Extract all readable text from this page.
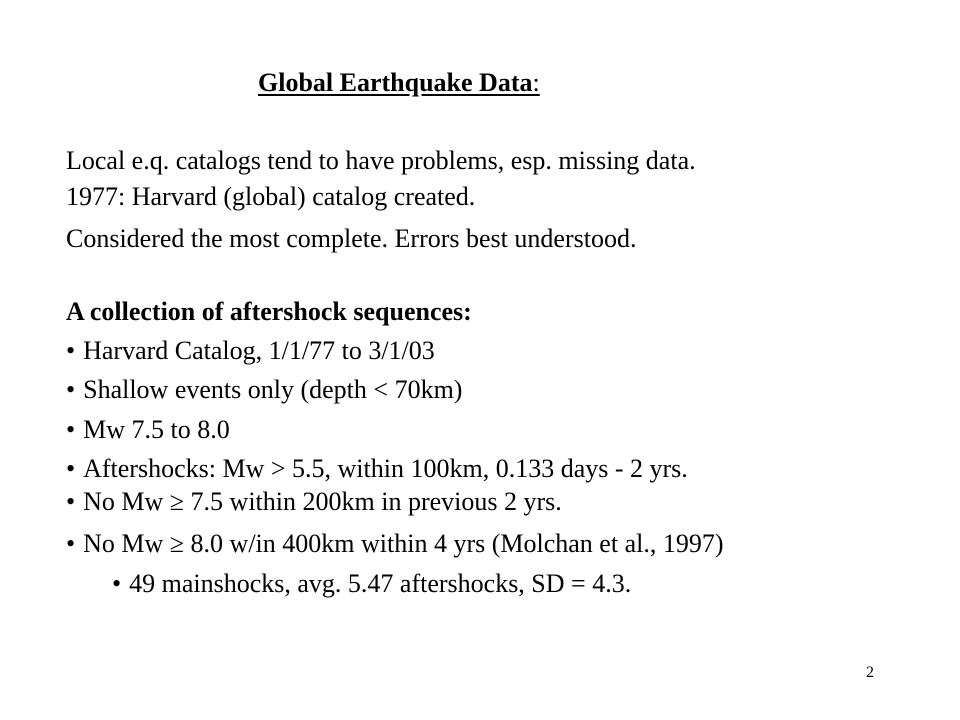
Global Earthquake Data:
Local e.q. catalogs tend to have problems, esp. missing data.
1977: Harvard (global) catalog created.
Considered the most complete. Errors best understood.
A collection of aftershock sequences:
• Harvard Catalog, 1/1/77 to 3/1/03
• Shallow events only (depth < 70km)
• Mw 7.5 to 8.0
• Aftershocks: Mw > 5.5, within 100km, 0.133 days - 2 yrs.
• No Mw ≥ 7.5 within 200km in previous 2 yrs.
• No Mw ≥ 8.0 w/in 400km within 4 yrs (Molchan et al., 1997)
• 49 mainshocks, avg. 5.47 aftershocks, SD = 4.3.
2
